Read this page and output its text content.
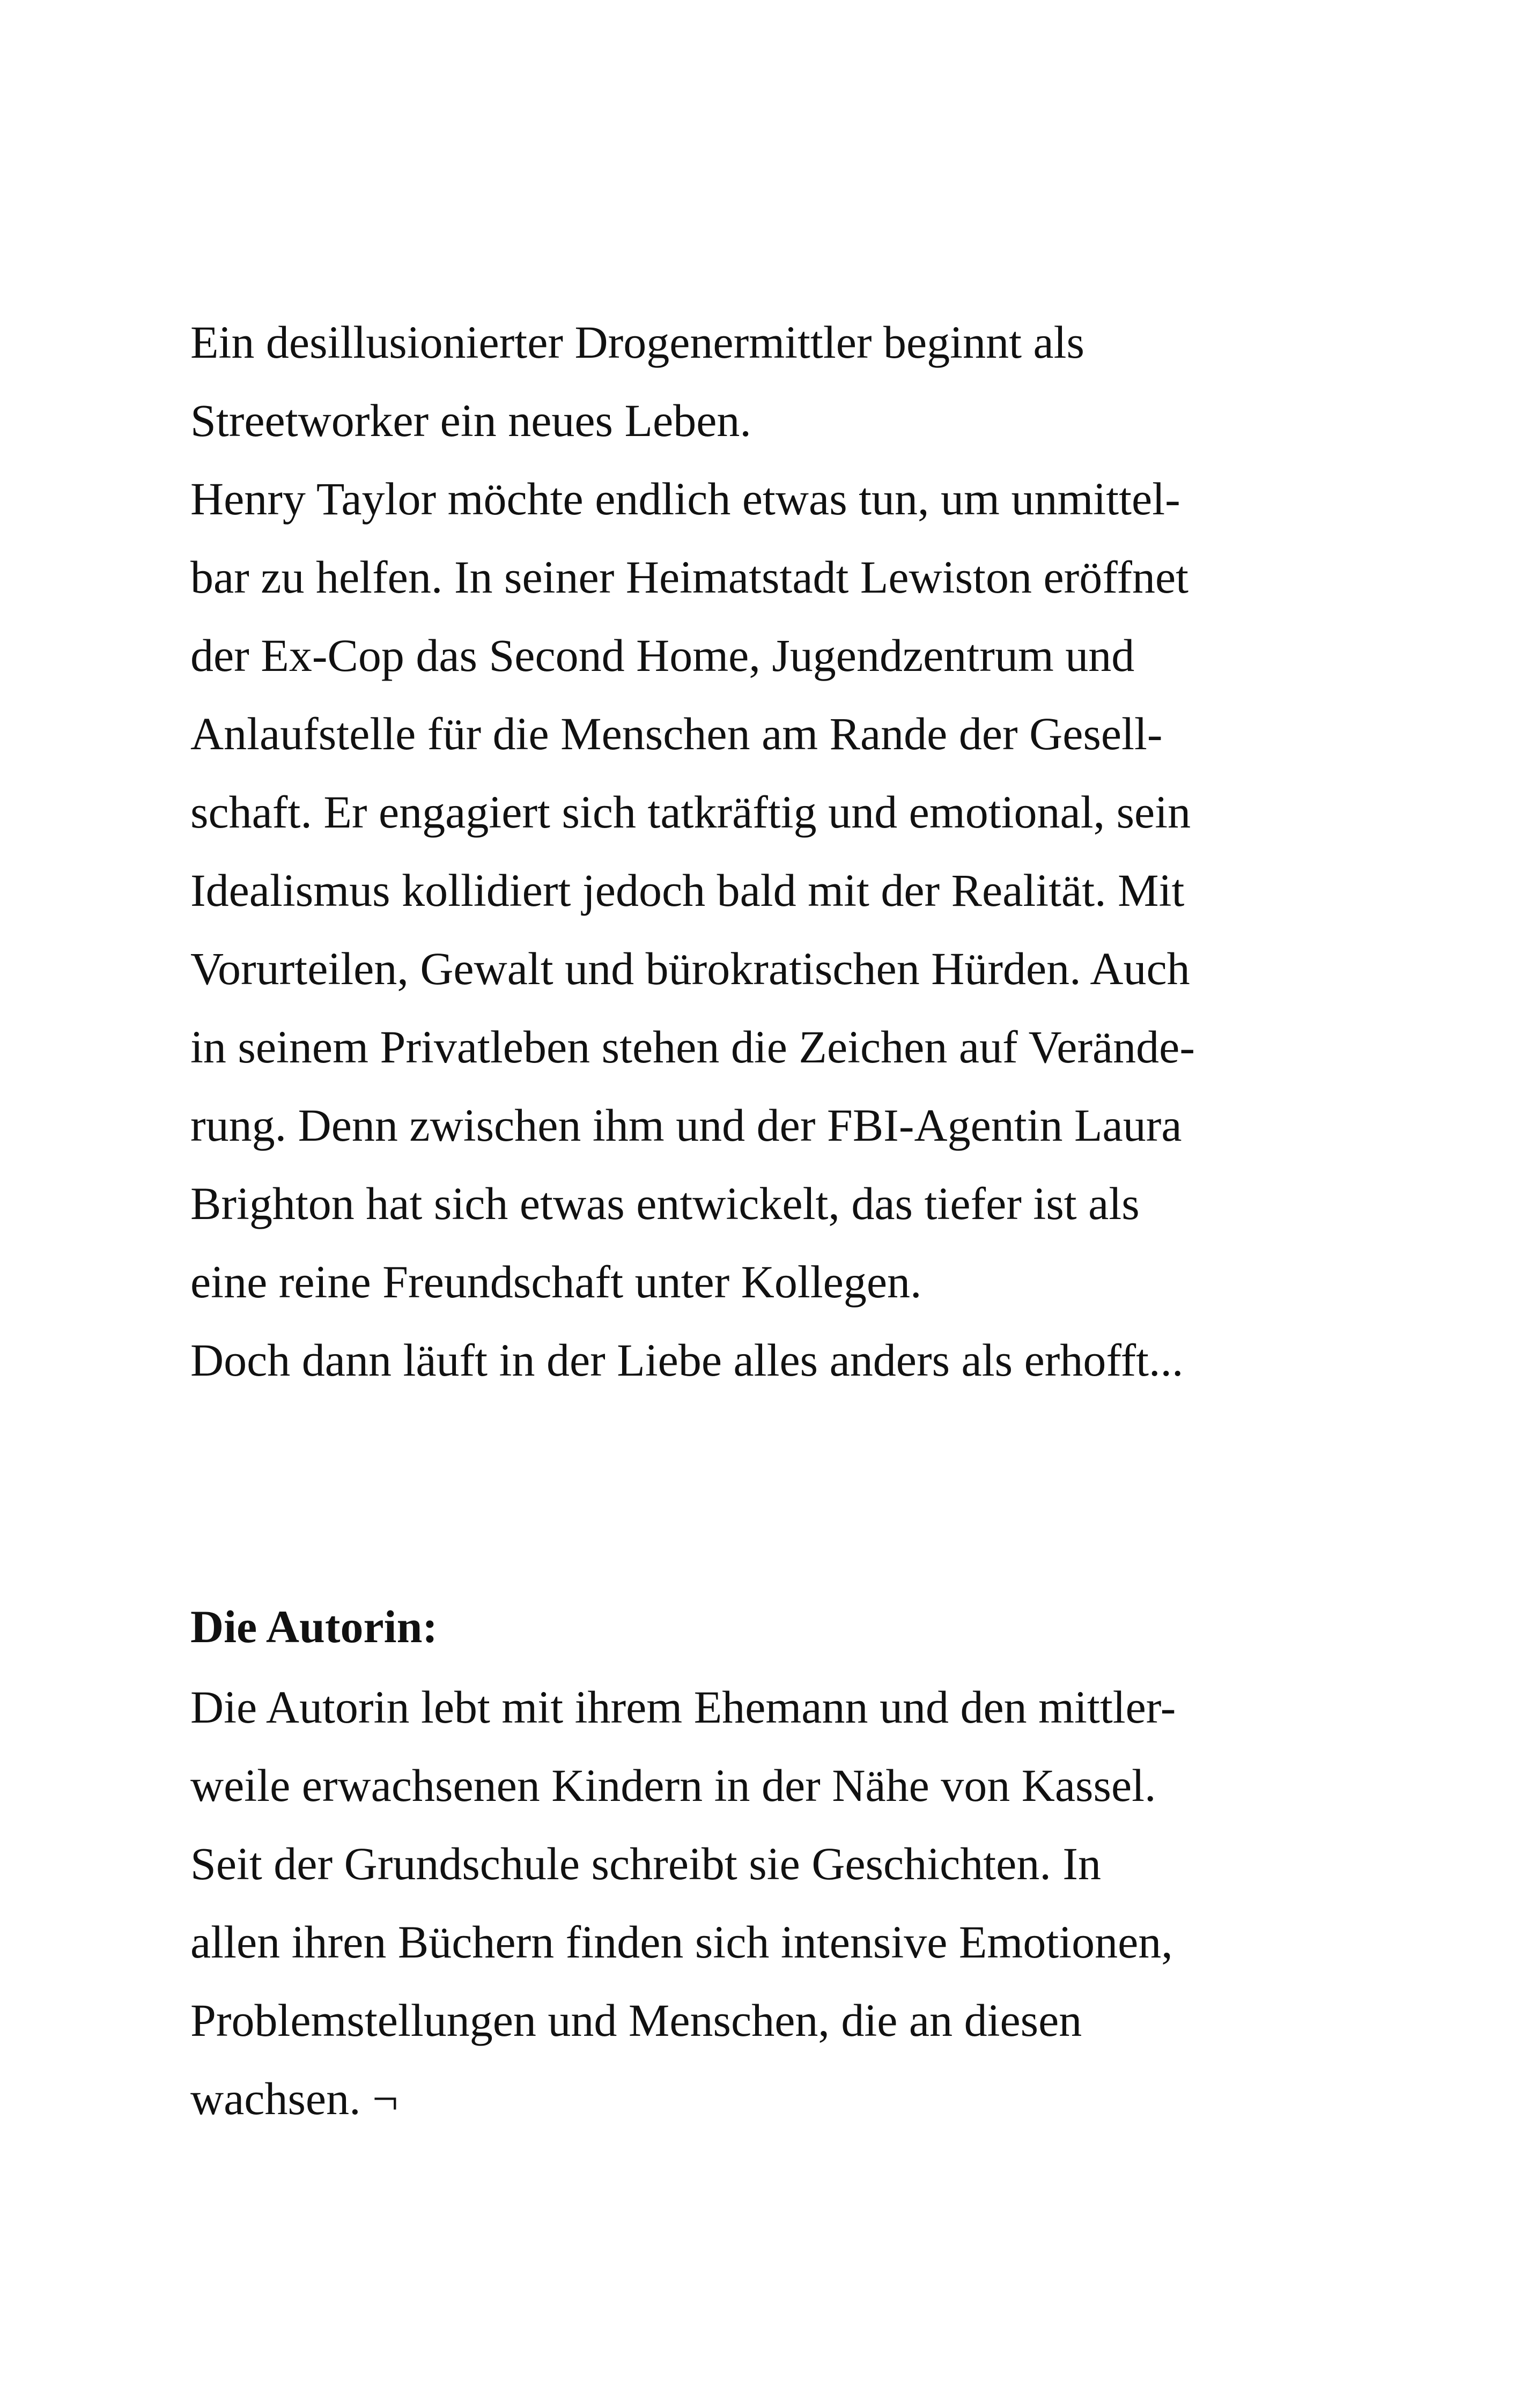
Ein desillusionierter Drogenermittler beginnt als
Streetworker ein neues Leben.
Henry Taylor möchte endlich etwas tun, um unmittel-
bar zu helfen. In seiner Heimatstadt Lewiston eröffnet
der Ex-Cop das Second Home, Jugendzentrum und
Anlaufstelle für die Menschen am Rande der Gesell-
schaft. Er engagiert sich tatkräftig und emotional, sein
Idealismus kollidiert jedoch bald mit der Realität. Mit
Vorurteilen, Gewalt und bürokratischen Hürden. Auch
in seinem Privatleben stehen die Zeichen auf Verände-
rung. Denn zwischen ihm und der FBI-Agentin Laura
Brighton hat sich etwas entwickelt, das tiefer ist als
eine reine Freundschaft unter Kollegen.
Doch dann läuft in der Liebe alles anders als erhofft...
Die Autorin:
Die Autorin lebt mit ihrem Ehemann und den mittler-
weile erwachsenen Kindern in der Nähe von Kassel.
Seit der Grundschule schreibt sie Geschichten. In
allen ihren Büchern finden sich intensive Emotionen,
Problemstellungen und Menschen, die an diesen
wachsen. ¬
